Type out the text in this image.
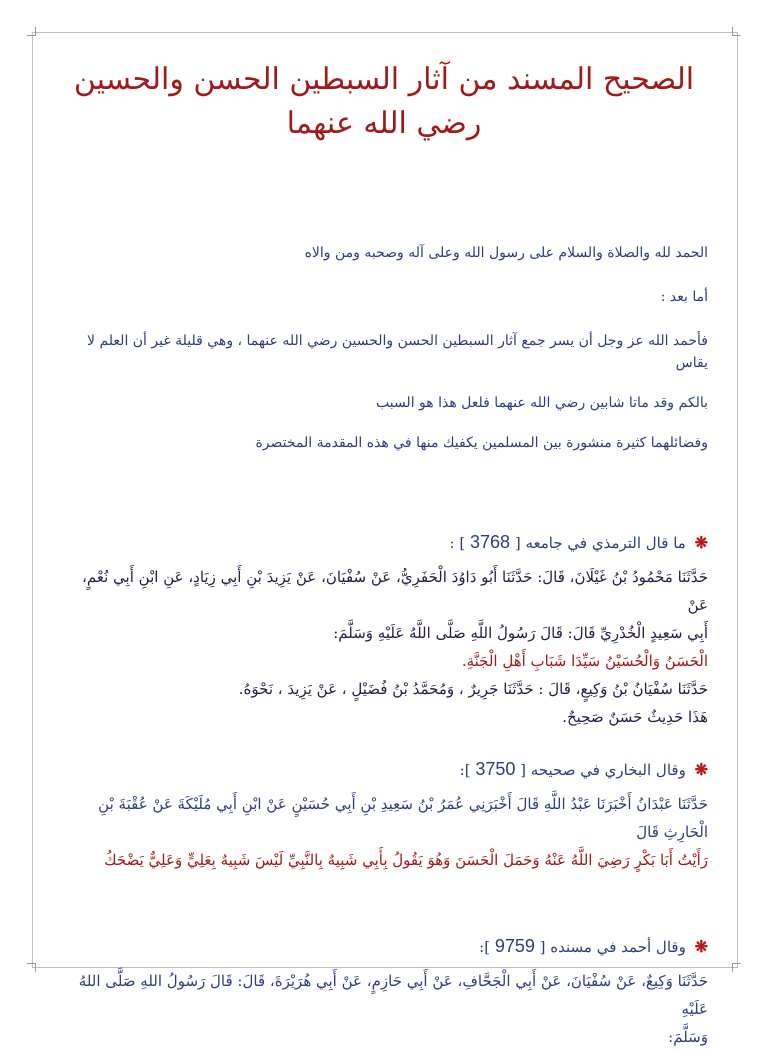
الصحيح المسند من آثار السبطين الحسن والحسين رضي الله عنهما
الحمد لله والصلاة والسلام على رسول الله وعلى آله وصحبه ومن والاه
أما بعد :
فأحمد الله عز وجل أن يسر جمع آثار السبطين الحسن والحسين رضي الله عنهما ، وهي قليلة غير أن العلم لا يقاس
بالكم وقد ماتا شابين رضي الله عنهما فلعل هذا هو السبب
وفضائلهما كثيرة منشورة بين المسلمين يكفيك منها في هذه المقدمة المختصرة
❋ ما قال الترمذي في جامعه [ 3768 ] :
حَدَّثَنَا مَحْمُودُ بْنُ غَيْلَانَ، قَالَ: حَدَّثَنَا أَبُو دَاوُدَ الْحَفَرِيُّ، عَنْ سُفْيَانَ، عَنْ يَزِيدَ بْنِ أَبِي زِيَادٍ، عَنِ ابْنِ أَبِي نُعْمٍ، عَنْ
أَبِي سَعِيدٍ الْخُدْرِيِّ قَالَ: قَالَ رَسُولُ اللَّهِ صَلَّى اللَّهُ عَلَيْهِ وَسَلَّمَ:
الْحَسَنُ وَالْحُسَيْنُ سَيِّدَا شَبَابِ أَهْلِ الْجَنَّةِ.
حَدَّثَنَا سُفْيَانُ بْنُ وَكِيعٍ، قَالَ : حَدَّثَنَا جَرِيرٌ ، وَمُحَمَّدُ بْنُ فُضَيْلٍ ، عَنْ يَزِيدَ ، نَحْوَهُ.
هَذَا حَدِيثٌ حَسَنٌ صَحِيحٌ.
❋ وقال البخاري في صحيحه [ 3750 ]:
حَدَّثَنَا عَبْدَانُ أَخْبَرَنَا عَبْدُ اللَّهِ قَالَ أَخْبَرَنِي عُمَرُ بْنُ سَعِيدِ بْنِ أَبِي حُسَيْنٍ عَنْ ابْنِ أَبِي مُلَيْكَةَ عَنْ عُقْبَةَ بْنِ الْحَارِثِ قَالَ
رَأَيْتُ أَبَا بَكْرٍ رَضِيَ اللَّهُ عَنْهُ وَحَمَلَ الْحَسَنَ وَهُوَ يَقُولُ بِأَبِي شَبِيهٌ بِالنَّبِيِّ لَيْسَ شَبِيهٌ بِعَلِيٍّ وَعَلِيٌّ يَضْحَكُ
❋ وقال أحمد في مسنده [ 9759 ]:
حَدَّثَنَا وَكِيعٌ، عَنْ سُفْيَانَ، عَنْ أَبِي الْجَحَّافِ، عَنْ أَبِي حَازِمٍ، عَنْ أَبِي هُرَيْرَةَ، قَالَ: قَالَ رَسُولُ اللهِ صَلَّى اللهُ عَلَيْهِ
وَسَلَّمَ:
